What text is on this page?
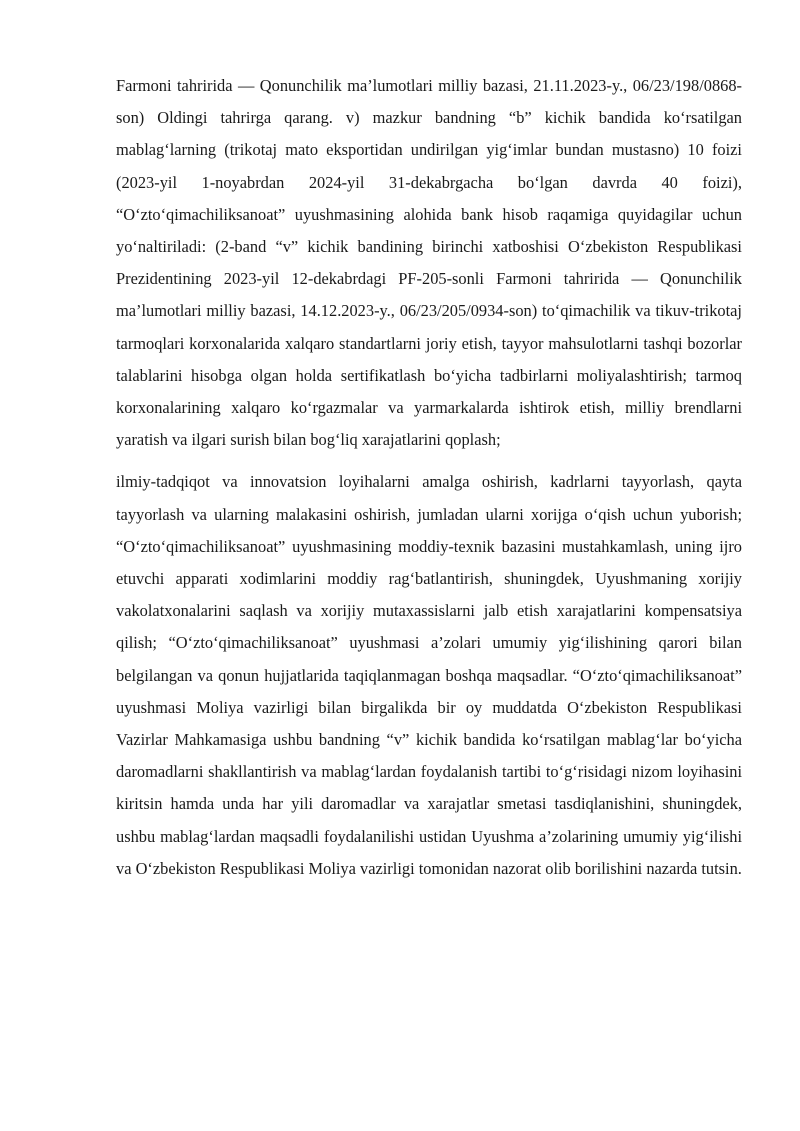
Farmoni tahririda — Qonunchilik ma’lumotlari milliy bazasi, 21.11.2023-y., 06/23/198/0868-son) Oldingi tahrirga qarang. v) mazkur bandning “b” kichik bandida koʻrsatilgan mablagʻlarning (trikotaj mato eksportidan undirilgan yigʻimlar bundan mustasno) 10 foizi (2023-yil 1-noyabrdan 2024-yil 31-dekabrgacha boʻlgan davrda 40 foizi), “Oʻztoʻqimachiliksanoat” uyushmasining alohida bank hisob raqamiga quyidagilar uchun yoʻnaltiriladi: (2-band “v” kichik bandining birinchi xatboshisi Oʻzbekiston Respublikasi Prezidentining 2023-yil 12-dekabrdagi PF-205-sonli Farmoni tahririda — Qonunchilik ma’lumotlari milliy bazasi, 14.12.2023-y., 06/23/205/0934-son) toʻqimachilik va tikuv-trikotaj tarmoqlari korxonalarida xalqaro standartlarni joriy etish, tayyor mahsulotlarni tashqi bozorlar talablarini hisobga olgan holda sertifikatlash boʻyicha tadbirlarni moliyalashtirish; tarmoq korxonalarining xalqaro koʻrgazmalar va yarmarkalarda ishtirok etish, milliy brendlarni yaratish va ilgari surish bilan bogʻliq xarajatlarini qoplash;

ilmiy-tadqiqot va innovatsion loyihalarni amalga oshirish, kadrlarni tayyorlash, qayta tayyorlash va ularning malakasini oshirish, jumladan ularni xorijga oʻqish uchun yuborish; “Oʻztoʻqimachiliksanoat” uyushmasining moddiy-texnik bazasini mustahkamlash, uning ijro etuvchi apparati xodimlarini moddiy ragʻbatlantirish, shuningdek, Uyushmaning xorijiy vakolatxonalarini saqlash va xorijiy mutaxassislarni jalb etish xarajatlarini kompensatsiya qilish; “Oʻztoʻqimachiliksanoat” uyushmasi a’zolari umumiy yigʻilishining qarori bilan belgilangan va qonun hujjatlarida taqiqlanmagan boshqa maqsadlar. “Oʻztoʻqimachiliksanoat” uyushmasi Moliya vazirligi bilan birgalikda bir oy muddatda Oʻzbekiston Respublikasi Vazirlar Mahkamasiga ushbu bandning “v” kichik bandida koʻrsatilgan mablagʻlar boʻyicha daromadlarni shakllantirish va mablagʻlardan foydalanish tartibi toʻgʻrisidagi nizom loyihasini kiritsin hamda unda har yili daromadlar va xarajatlar smetasi tasdiqlanishini, shuningdek, ushbu mablagʻlardan maqsadli foydalanilishi ustidan Uyushma a’zolarining umumiy yigʻilishi va Oʻzbekiston Respublikasi Moliya vazirligi tomonidan nazorat olib borilishini nazarda tutsin.
